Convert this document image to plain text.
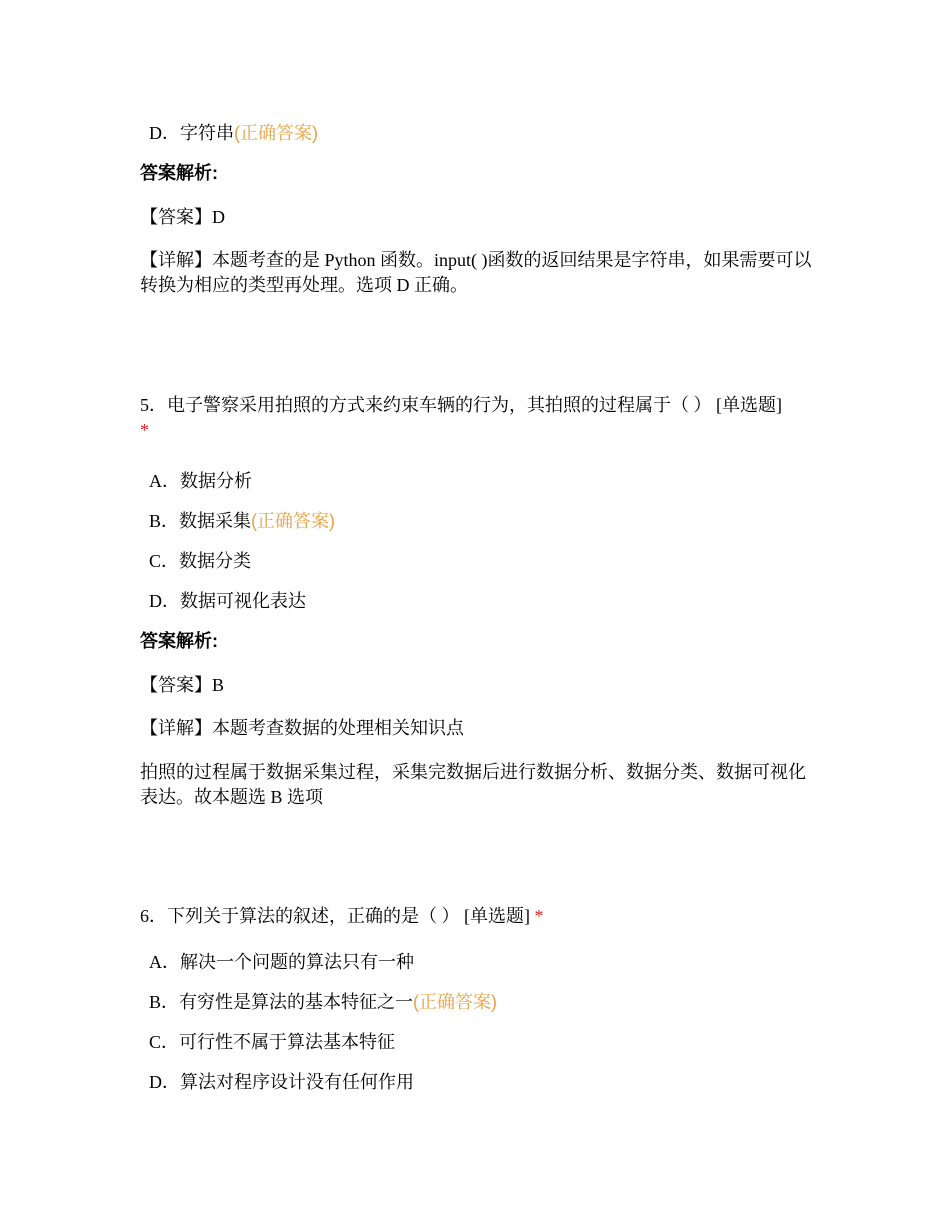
D．字符串(正确答案)
答案解析:
【答案】D
【详解】本题考查的是 Python 函数。input( )函数的返回结果是字符串，如果需要可以转换为相应的类型再处理。选项 D 正确。
5．电子警察采用拍照的方式来约束车辆的行为，其拍照的过程属于（ ） [单选题]
*
A．数据分析
B．数据采集(正确答案)
C．数据分类
D．数据可视化表达
答案解析:
【答案】B
【详解】本题考查数据的处理相关知识点
拍照的过程属于数据采集过程，采集完数据后进行数据分析、数据分类、数据可视化表达。故本题选 B 选项
6．下列关于算法的叙述，正确的是（ ） [单选题] *
A．解决一个问题的算法只有一种
B．有穷性是算法的基本特征之一(正确答案)
C．可行性不属于算法基本特征
D．算法对程序设计没有任何作用
